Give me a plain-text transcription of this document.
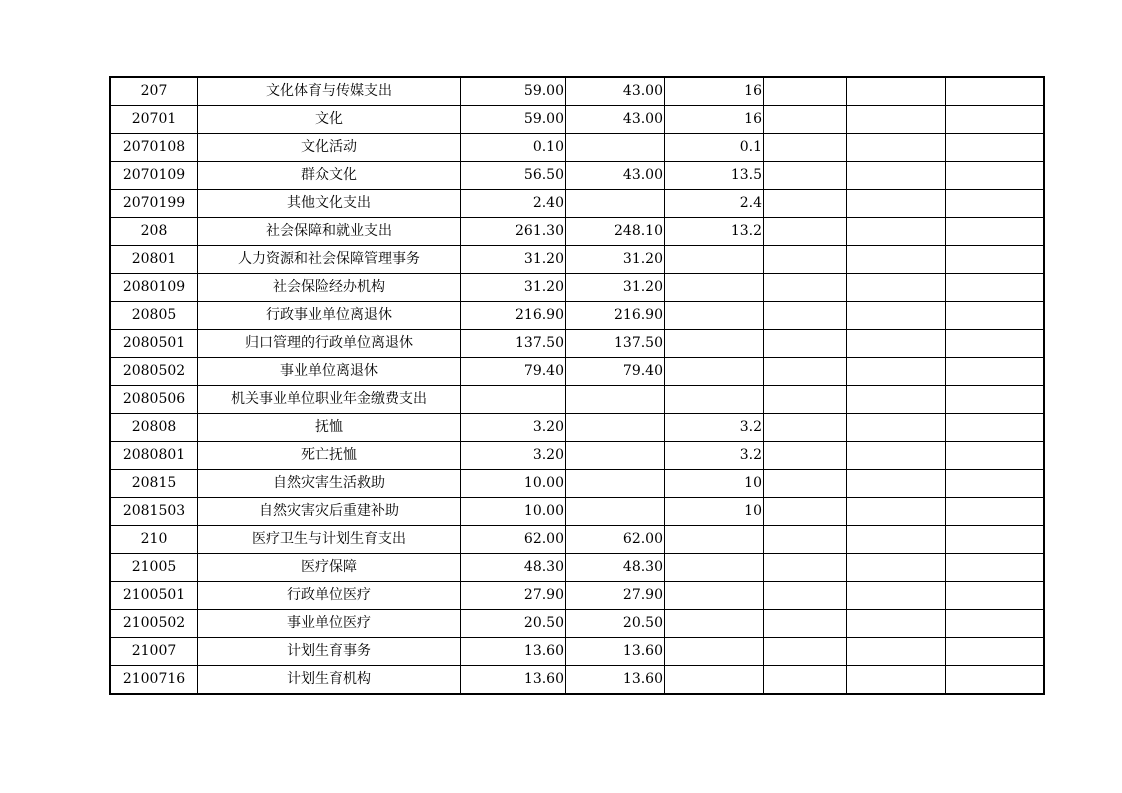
207	文化体育与传媒支出	59.00	43.00	16			
20701	文化	59.00	43.00	16			
2070108	文化活动	0.10		0.1			
2070109	群众文化	56.50	43.00	13.5			
2070199	其他文化支出	2.40		2.4			
208	社会保障和就业支出	261.30	248.10	13.2			
20801	人力资源和社会保障管理事务	31.20	31.20				
2080109	社会保险经办机构	31.20	31.20				
20805	行政事业单位离退休	216.90	216.90				
2080501	归口管理的行政单位离退休	137.50	137.50				
2080502	事业单位离退休	79.40	79.40				
2080506	机关事业单位职业年金缴费支出						
20808	抚恤	3.20		3.2			
2080801	死亡抚恤	3.20		3.2			
20815	自然灾害生活救助	10.00		10			
2081503	自然灾害灾后重建补助	10.00		10			
210	医疗卫生与计划生育支出	62.00	62.00				
21005	医疗保障	48.30	48.30				
2100501	行政单位医疗	27.90	27.90				
2100502	事业单位医疗	20.50	20.50				
21007	计划生育事务	13.60	13.60				
2100716	计划生育机构	13.60	13.60				
